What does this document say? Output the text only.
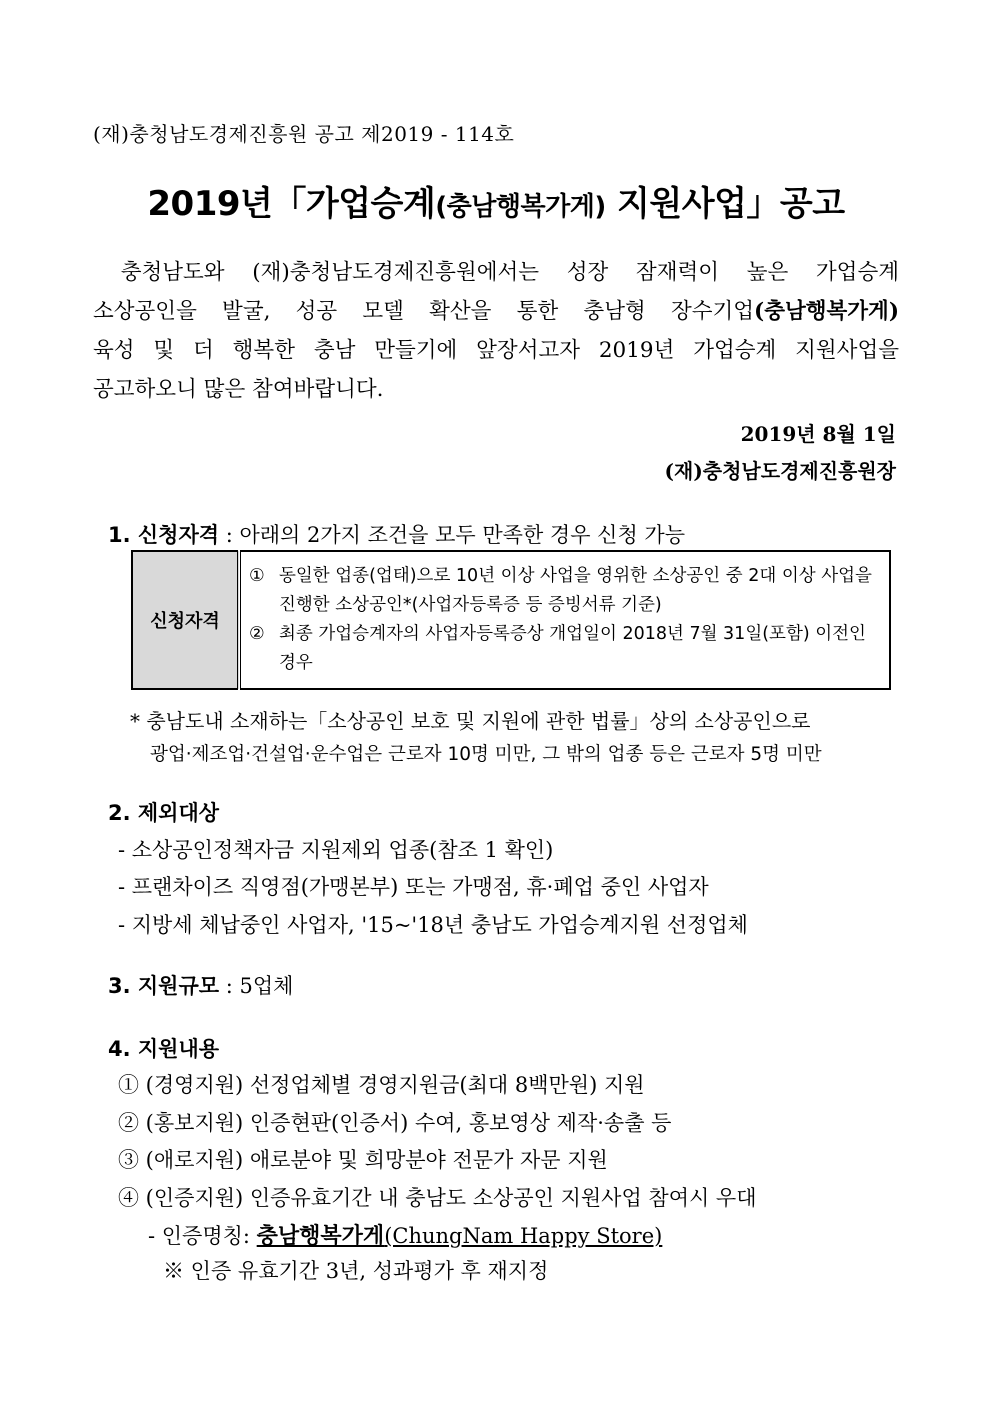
(재)충청남도경제진흥원 공고 제2019 - 114호
2019년「가업승계(충남행복가게) 지원사업」공고

충청남도와 (재)충청남도경제진흥원에서는 성장 잠재력이 높은 가업승계

소상공인을 발굴, 성공 모델 확산을 통한 충남형 장수기업(충남행복가게)

육성 및 더 행복한 충남 만들기에 앞장서고자 2019년 가업승계 지원사업을

공고하오니 많은 참여바랍니다.

2019년 8월 1일
(재)충청남도경제진흥원장
1. 신청자격 : 아래의 2가지 조건을 모두 만족한 경우 신청 가능
신청자격	
① 동일한 업종(업태)으로 10년 이상 사업을 영위한 소상공인 중 2대 이상 사업을 진행한 소상공인*(사업자등록증 등 증빙서류 기준)
② 최종 가업승계자의 사업자등록증상 개업일이 2018년 7월 31일(포함) 이전인 경우
* 충남도내 소재하는「소상공인 보호 및 지원에 관한 법률」상의 소상공인으로
광업·제조업·건설업·운수업은 근로자 10명 미만, 그 밖의 업종 등은 근로자 5명 미만
2. 제외대상
- 소상공인정책자금 지원제외 업종(참조 1 확인)
- 프랜차이즈 직영점(가맹본부) 또는 가맹점, 휴·폐업 중인 사업자
- 지방세 체납중인 사업자, '15~'18년 충남도 가업승계지원 선정업체
3. 지원규모 : 5업체
4. 지원내용
① (경영지원) 선정업체별 경영지원금(최대 8백만원) 지원
② (홍보지원) 인증현판(인증서) 수여, 홍보영상 제작·송출 등
③ (애로지원) 애로분야 및 희망분야 전문가 자문 지원
④ (인증지원) 인증유효기간 내 충남도 소상공인 지원사업 참여시 우대
- 인증명칭: 충남행복가게(ChungNam Happy Store)
※ 인증 유효기간 3년, 성과평가 후 재지정
